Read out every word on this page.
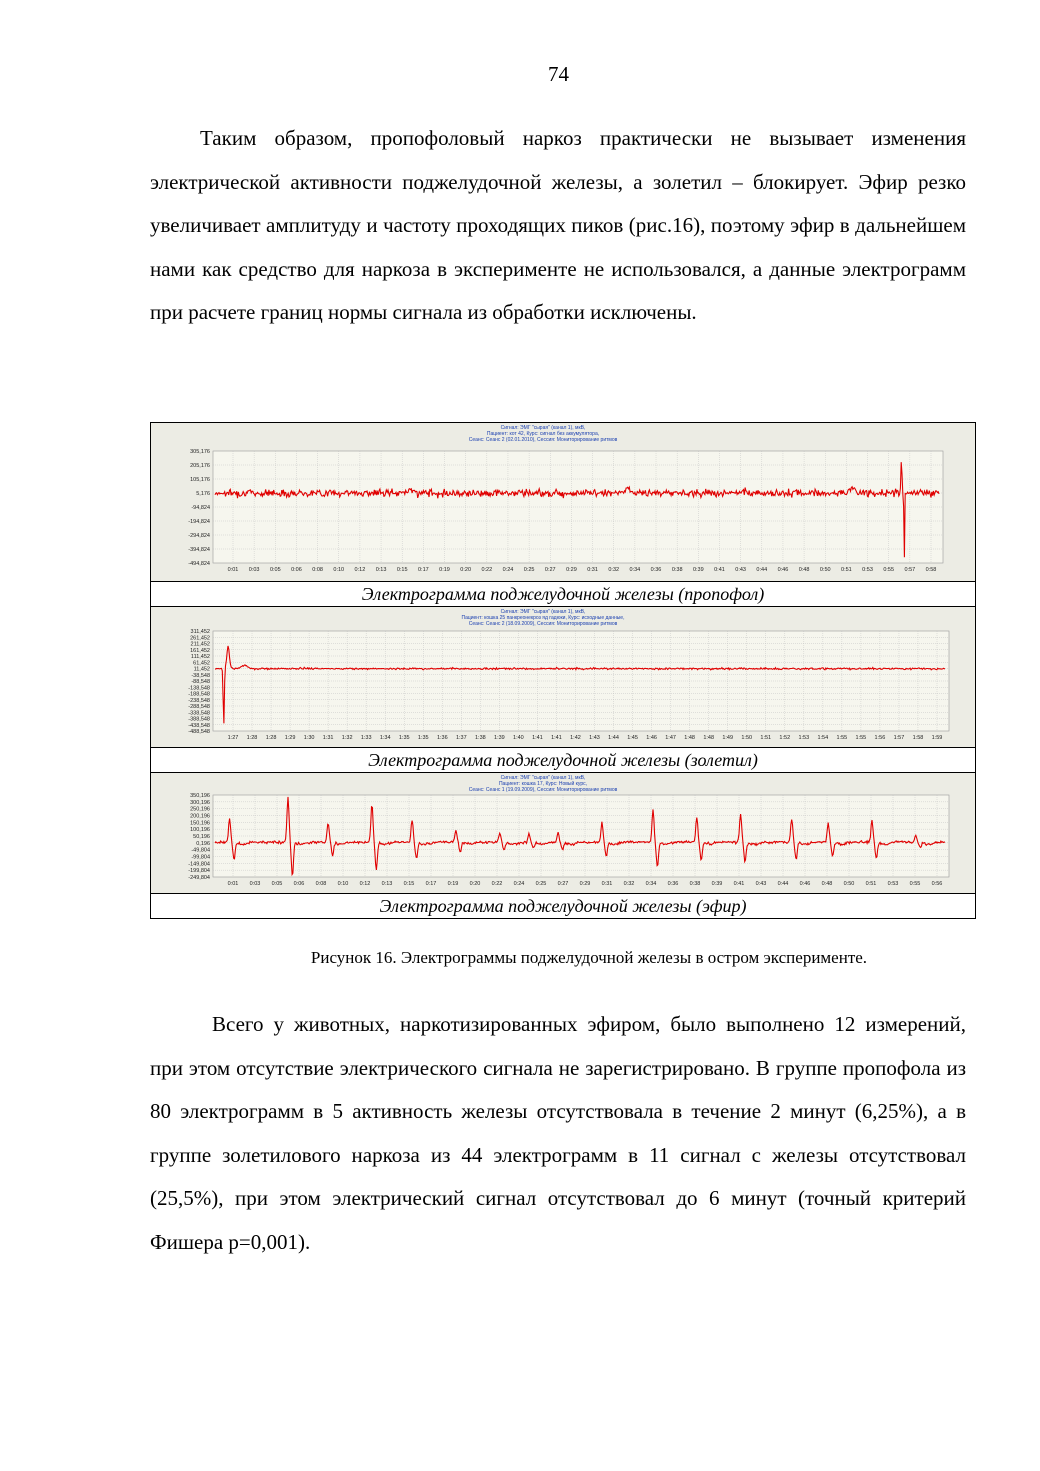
74

Таким образом, пропофоловый наркоз практически не вызывает изменения электрической активности поджелудочной железы, а золетил – блокирует. Эфир резко увеличивает амплитуду и частоту проходящих пиков (рис.16), поэтому эфир в дальнейшем нами как средство для наркоза в эксперименте не использовался, а данные электрограмм при расчете границ нормы сигнала из обработки исключены.

Сигнал: ЭМГ "сырая" (канал 1), мкВ,
Пациент: кот 42, Курс: сигнал без аккумулятора,
Сеанс: Сеанс 2 (02.01.2010), Сессия: Мониторирование ритмов
305,176
205,176
105,176
5,176
-94,824
-194,824
-294,824
-394,824
-494,824
0:01 0:03 0:05 0:06 0:08 0:10 0:12 0:13 0:15 0:17 0:19 0:20 0:22 0:24 0:25 0:27 0:29 0:31 0:32 0:34 0:36 0:38 0:39 0:41 0:43 0:44 0:46 0:48 0:50 0:51 0:53 0:55 0:57 0:58
Электрограмма поджелудочной железы (пропофол)
Сигнал: ЭМГ "сырая" (канал 1), мкВ,
Пациент: кошка 25 панкреонекроз яд гадюки, Курс: исходные данные,
Сеанс: Сеанс 2 (18.09.2009), Сессия: Мониторирование ритмов
311,452
261,452
211,452
161,452
111,452
61,452
11,452
-38,548
-88,548
-138,548
-188,548
-238,548
-288,548
-338,548
-388,548
-438,548
-488,548
1:27 1:28 1:28 1:29 1:30 1:31 1:32 1:33 1:34 1:35 1:35 1:36 1:37 1:38 1:39 1:40 1:41 1:41 1:42 1:43 1:44 1:45 1:46 1:47 1:48 1:48 1:49 1:50 1:51 1:52 1:53 1:54 1:55 1:55 1:56 1:57 1:58 1:59
Электрограмма поджелудочной железы (золетил)
Сигнал: ЭМГ "сырая" (канал 1), мкВ,
Пациент: кошка 17, Курс: Новый курс,
Сеанс: Сеанс 1 (19.09.2009), Сессия: Мониторирование ритмов
350,196
300,196
250,196
200,196
150,196
100,196
50,196
0,196
-49,804
-99,804
-149,804
-199,804
-249,804
0:01 0:03 0:05 0:06 0:08 0:10 0:12 0:13 0:15 0:17 0:19 0:20 0:22 0:24 0:25 0:27 0:29 0:31 0:32 0:34 0:36 0:38 0:39 0:41 0:43 0:44 0:46 0:48 0:50 0:51 0:53 0:55 0:56
Электрограмма поджелудочной железы (эфир)
Рисунок 16. Электрограммы поджелудочной железы в остром эксперименте.

Всего у животных, наркотизированных эфиром, было выполнено 12 измерений, при этом отсутствие электрического сигнала не зарегистрировано. В группе пропофола из 80 электрограмм в 5 активность железы отсутствовала в течение 2 минут (6,25%), а в группе золетилового наркоза из 44 электрограмм в 11 сигнал с железы отсутствовал (25,5%), при этом электрический сигнал отсутствовал до 6 минут (точный критерий Фишера p=0,001).
